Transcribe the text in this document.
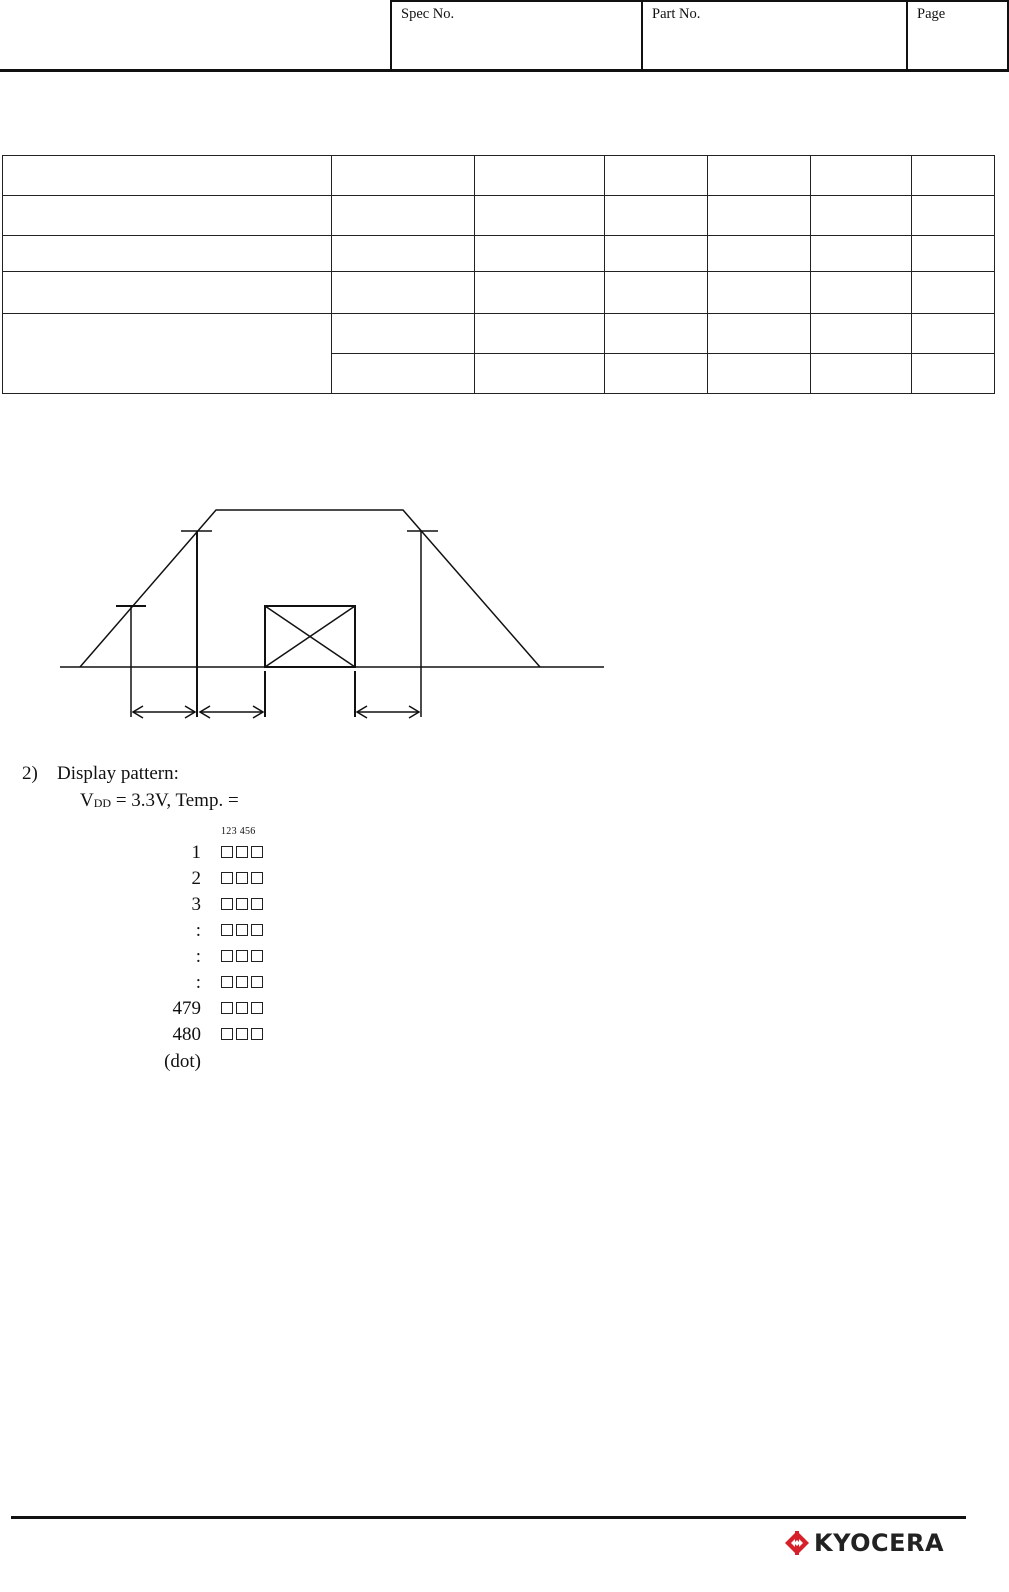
Spec No.	Part No.	Page

2) Display pattern:
$V_{DD} = 3.3V$, Temp. =
123 456
1
2
3
:
:
:
479
480
(dot)
KYOCERA
